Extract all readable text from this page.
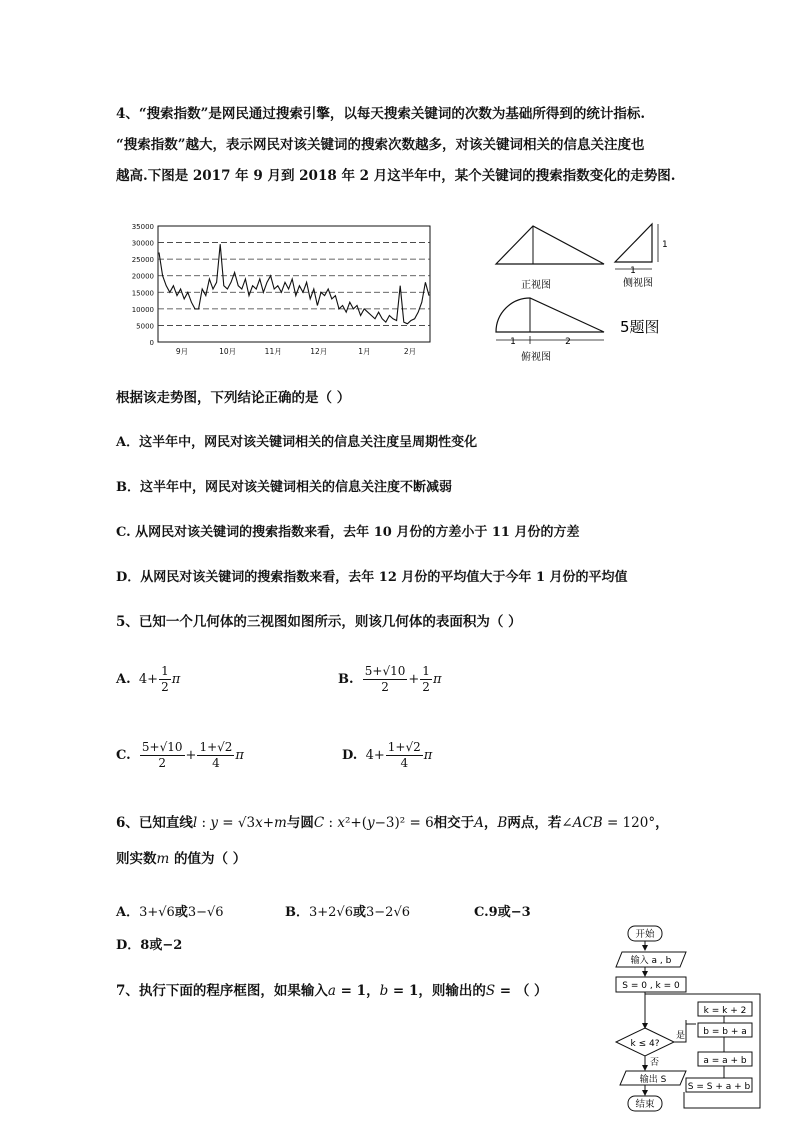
4、“搜索指数”是网民通过搜索引擎，以每天搜索关键词的次数为基础所得到的统计指标.
“搜索指数”越大，表示网民对该关键词的搜索次数越多，对该关键词相关的信息关注度也
越高.下图是 2017 年 9 月到 2018 年 2 月这半年中，某个关键词的搜索指数变化的走势图.
35000
30000
25000
20000
15000
10000
5000
0
9月	10月	11月	12月	1月	2月
正视图
1
1
侧视图
1	2
俯视图
5题图
根据该走势图，下列结论正确的是（ ）
A．这半年中，网民对该关键词相关的信息关注度呈周期性变化
B．这半年中，网民对该关键词相关的信息关注度不断减弱
C. 从网民对该关键词的搜索指数来看，去年 10 月份的方差小于 11 月份的方差
D．从网民对该关键词的搜索指数来看，去年 12 月份的平均值大于今年 1 月份的平均值
5、已知一个几何体的三视图如图所示，则该几何体的表面积为（ ）
A.  $4+ \frac{1}{2}$ π	B. $\frac{5+√10}{2} + \frac{1}{2}$ π
C. $\frac{5+√10}{2} + \frac{1+√2}{4}$ π	D.  $4+ \frac{1+√2}{4}$ π
6、已知直线l : y = √3x+m与圆C : x²+(y−3)² = 6相交于A，B两点，若∠ACB = 120°，
则实数m 的值为（ ）
A．3+√6或3−√6	B．3+2√6或3−2√6	C.9或−3
D．8或−2
7、执行下面的程序框图，如果输入a = 1，b = 1，则输出的S = （ ）
开始
输入 a , b
S = 0 , k = 0
k ≤ 4?
是
否
输出 S
结束
k = k + 2
b = b + a
a = a + b
S = S + a + b
